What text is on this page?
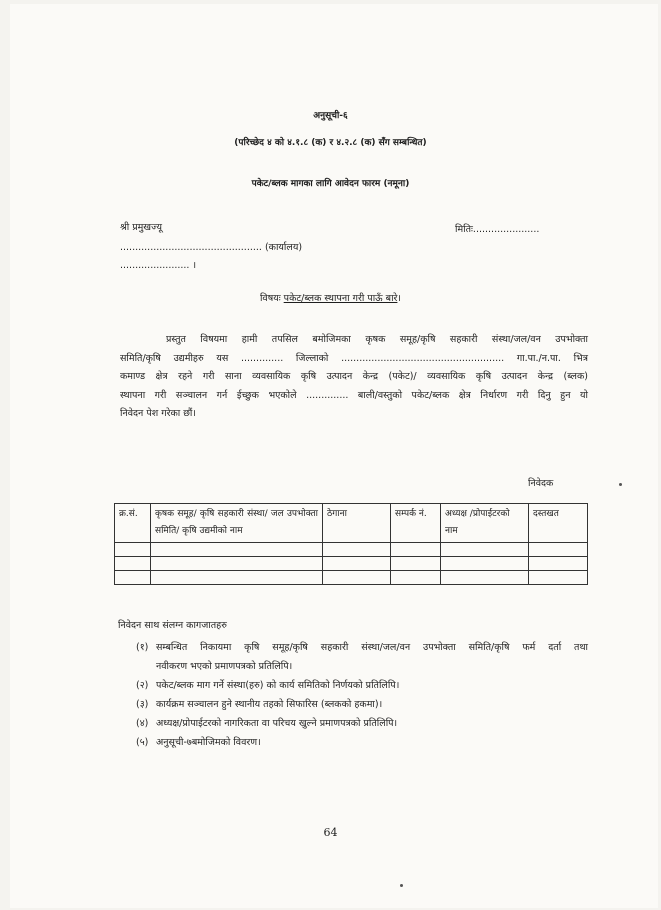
अनुसूची-६
(परिच्छेद ४ को ४.१.८ (क) र ४.२.८ (क) सँग सम्बन्धित)
पकेट/ब्लक मागका लागि आवेदन फारम (नमूना)
श्री प्रमुखज्यू	मितिः......................
............................................... (कार्यालय)
....................... ।
विषयः पकेट/ब्लक स्थापना गरी पाऊँ बारे।

प्रस्तुत विषयमा हामी तपसिल बमोजिमका कृषक समूह/कृषि सहकारी संस्था/जल/वन उपभोक्ता

समिति/कृषि उद्यमीहरु यस .............. जिल्लाको ...................................................... गा.पा./न.पा. भित्र

कमाण्ड क्षेत्र रहने गरी साना व्यवसायिक कृषि उत्पादन केन्द्र (पकेट)/ व्यवसायिक कृषि उत्पादन केन्द्र (ब्लक)

स्थापना गरी सञ्चालन गर्न ईच्छुक भएकोले .............. बाली/वस्तुको पकेट/ब्लक क्षेत्र निर्धारण गरी दिनु हुन यो

निवेदन पेश गरेका छौं।

निवेदक
क्र.सं.	कृषक समूह/ कृषि सहकारी संस्था/ जल उपभोक्ता समिति/ कृषि उद्यमीको नाम	ठेगाना	सम्पर्क नं.	अध्यक्ष /प्रोपाईटरको नाम	दस्तखत

निवेदन साथ संलग्न कागजातहरु
(१) सम्बन्धित निकायमा कृषि समूह/कृषि सहकारी संस्था/जल/वन उपभोक्ता समिति/कृषि फर्म दर्ता तथा
नवीकरण भएको प्रमाणपत्रको प्रतिलिपि।
(२) पकेट/ब्लक माग गर्ने संस्था(हरु) को कार्य समितिको निर्णयको प्रतिलिपि।
(३) कार्यक्रम सञ्चालन हुने स्थानीय तहको सिफारिस (ब्लकको हकमा)।
(४) अध्यक्ष/प्रोपाईटरको नागरिकता वा परिचय खुल्ने प्रमाणपत्रको प्रतिलिपि।
(५) अनुसूची-७बमोजिमको विवरण।
64
